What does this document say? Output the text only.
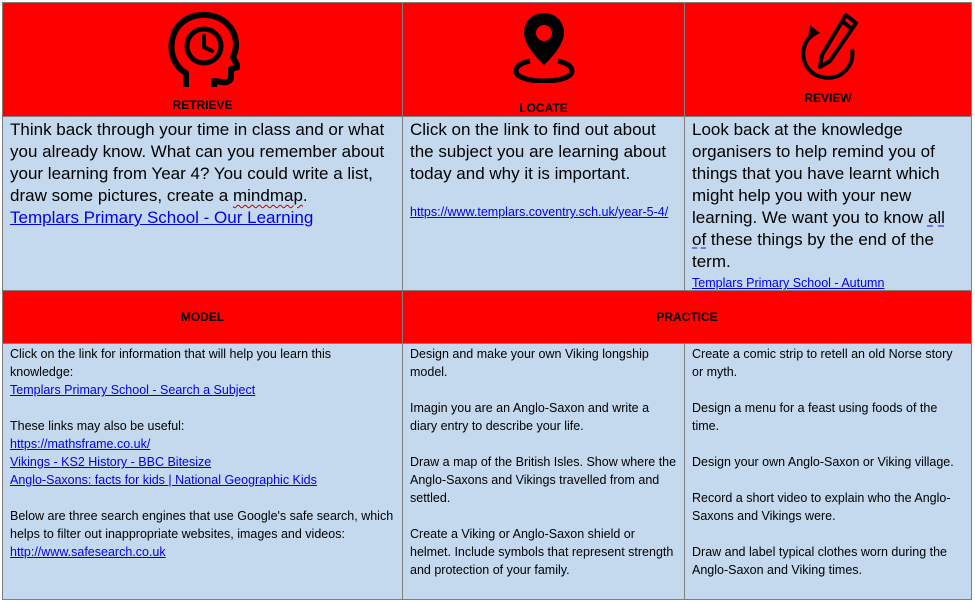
RETRIEVE	LOCATE
REVIEW
Think back through your time in class and or what you already know. What can you remember about your learning from Year 4? You could write a list, draw some pictures, create a mindmap.
Templars Primary School - Our Learning
Click on the link to find out about the subject you are learning about today and why it is important.
https://www.templars.coventry.sch.uk/year-5-4/
Look back at the knowledge organisers to help remind you of things that you have learnt which might help you with your new learning. We want you to know all of these things by the end of the term.
Templars Primary School - Autumn
MODEL	PRACTICE

Click on the link for information that will help you learn this knowledge:

Templars Primary School - Search a Subject

These links may also be useful:

https://mathsframe.co.uk/

Vikings - KS2 History - BBC Bitesize

Anglo-Saxons: facts for kids | National Geographic Kids

Below are three search engines that use Google's safe search, which helps to filter out inappropriate websites, images and videos: http://www.safesearch.co.uk

Design and make your own Viking longship model.

Imagin you are an Anglo-Saxon and write a diary entry to describe your life.

Draw a map of the British Isles. Show where the Anglo-Saxons and Vikings travelled from and settled.

Create a Viking or Anglo-Saxon shield or helmet. Include symbols that represent strength and protection of your family.

Create a comic strip to retell an old Norse story or myth.

Design a menu for a feast using foods of the time.

Design your own Anglo-Saxon or Viking village.

Record a short video to explain who the Anglo-Saxons and Vikings were.

Draw and label typical clothes worn during the Anglo-Saxon and Viking times.
